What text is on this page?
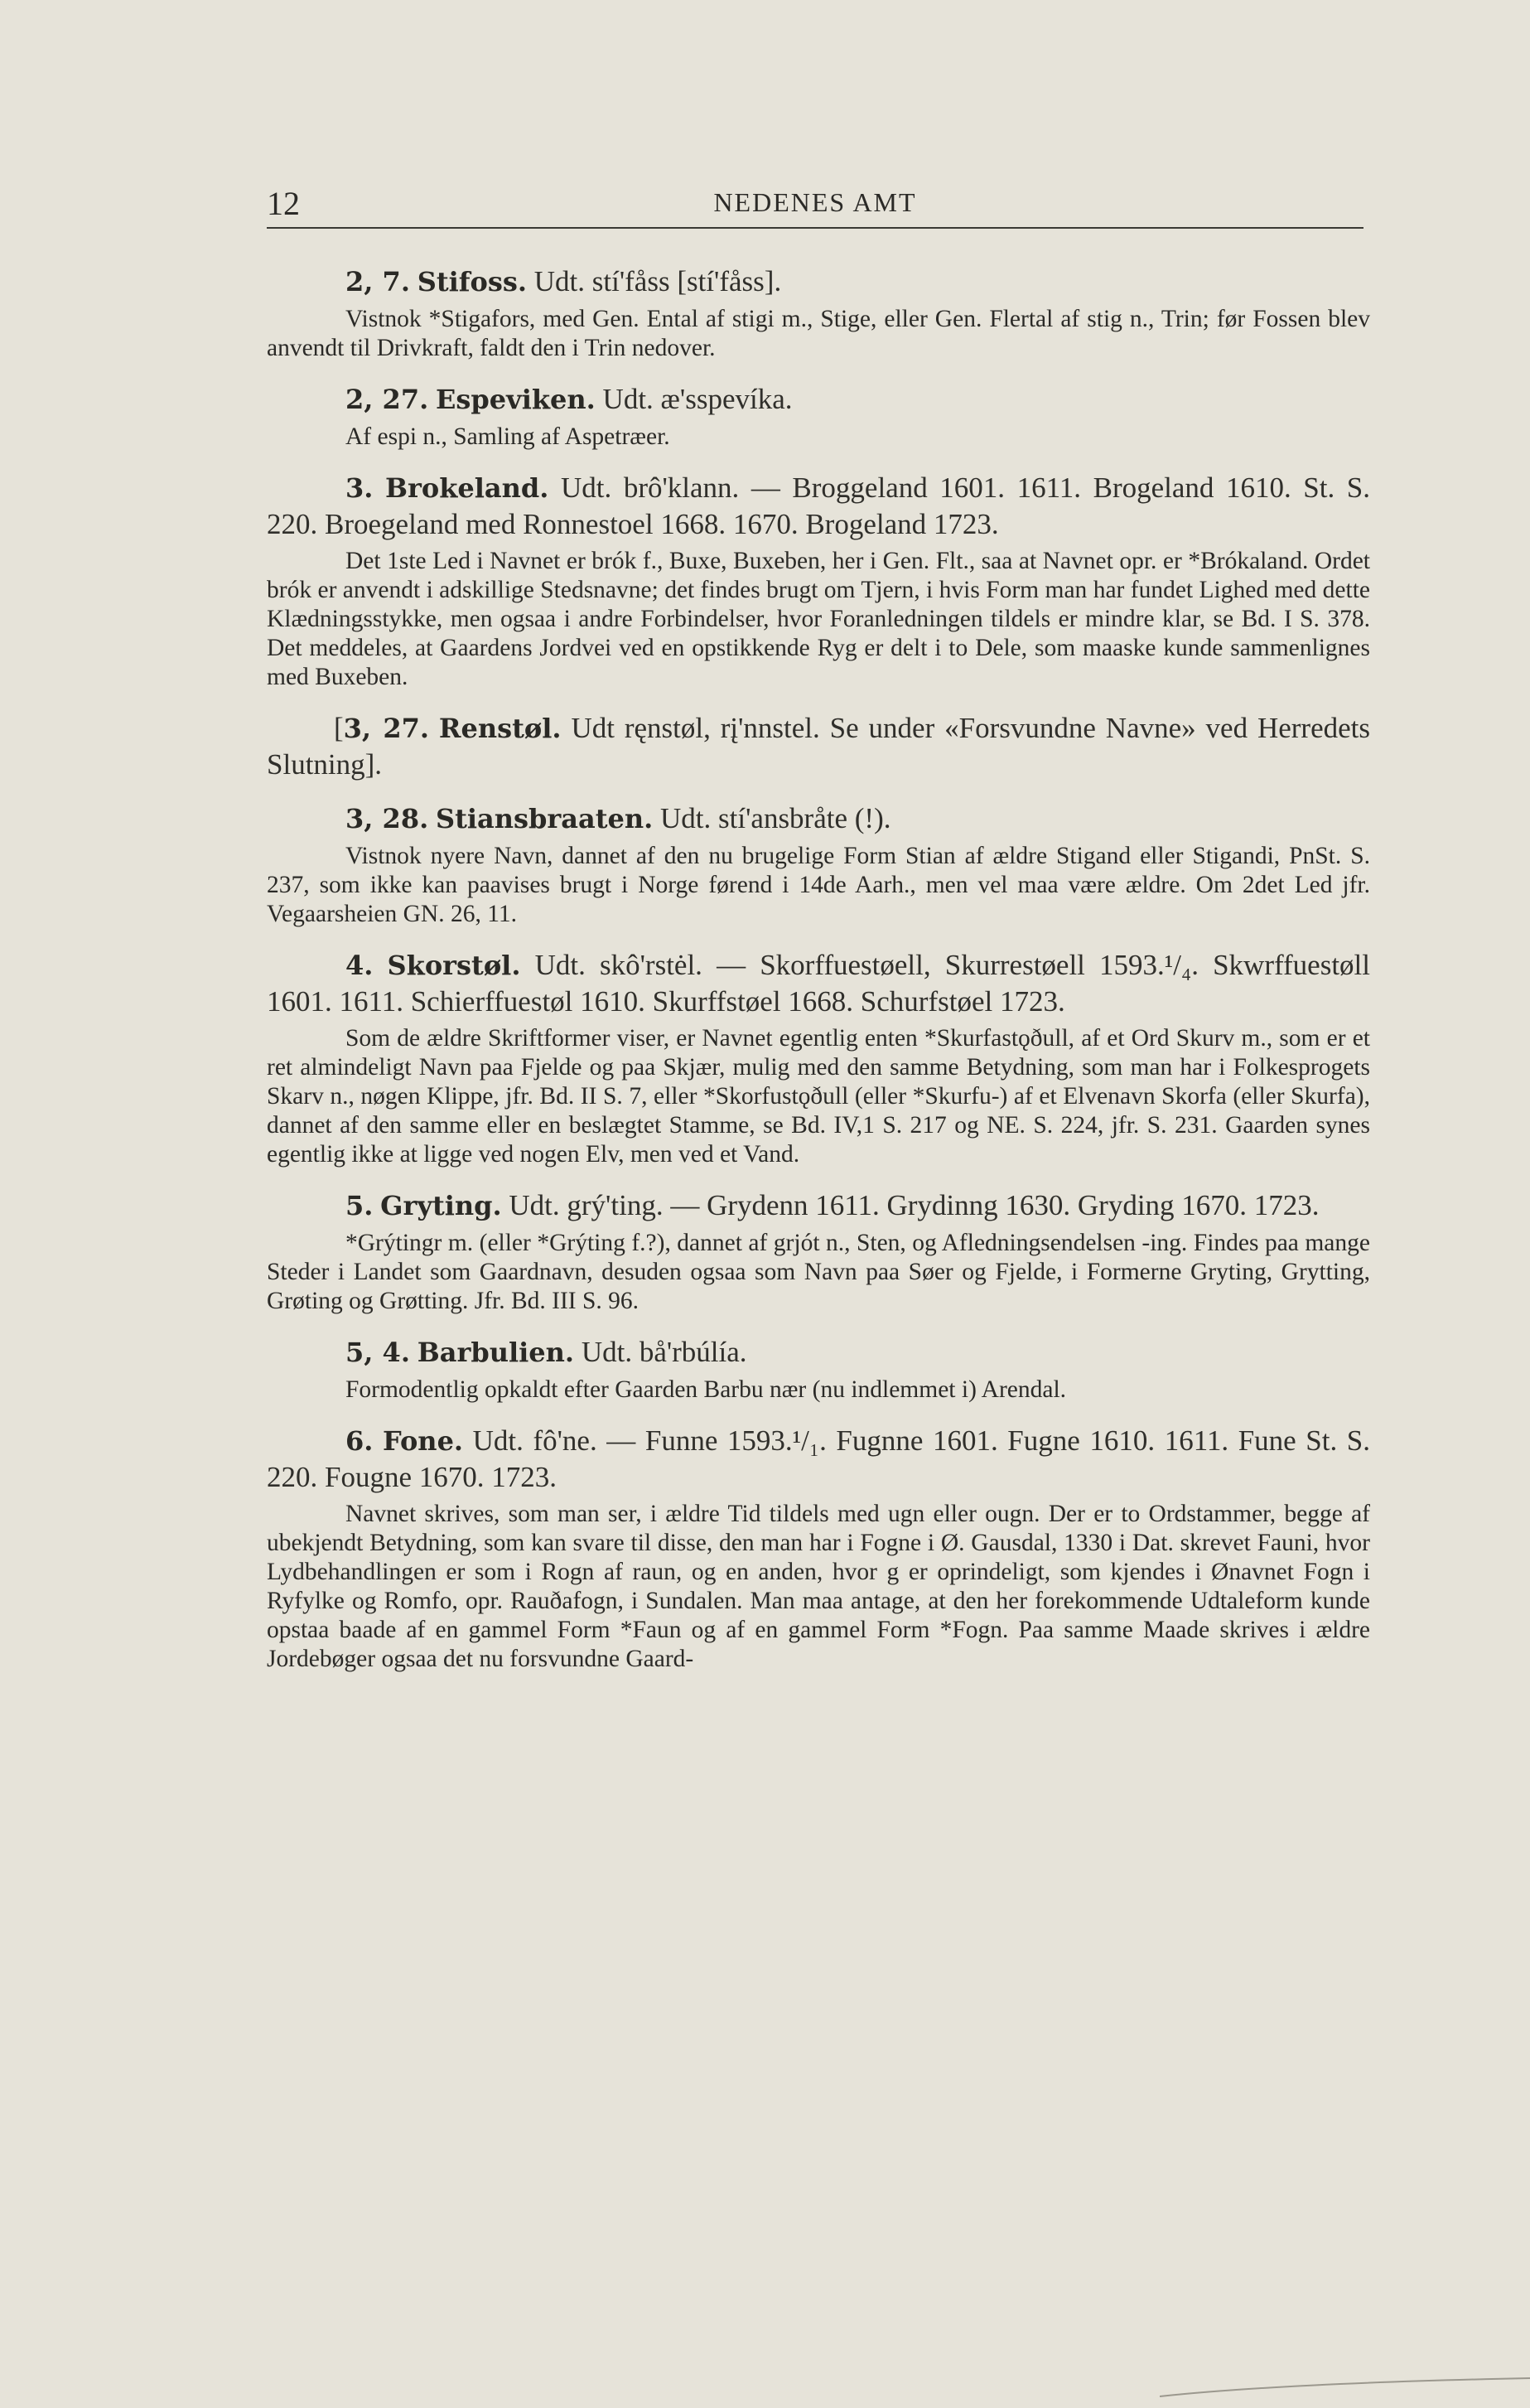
12	NEDENES AMT

2, 7. Stifoss. Udt. stí'fåss [stí'fåss].

Vistnok *Stigafors, med Gen. Ental af stigi m., Stige, eller Gen. Flertal af stig n., Trin; før Fossen blev anvendt til Drivkraft, faldt den i Trin nedover.

2, 27. Espeviken. Udt. æ'sspevíka.

Af espi n., Samling af Aspetræer.

3. Brokeland. Udt. brô'klann. — Broggeland 1601. 1611. Brogeland 1610. St. S. 220. Broegeland med Ronnestoel 1668. 1670. Brogeland 1723.

Det 1ste Led i Navnet er brók f., Buxe, Buxeben, her i Gen. Flt., saa at Navnet opr. er *Brókaland. Ordet brók er anvendt i adskillige Stedsnavne; det findes brugt om Tjern, i hvis Form man har fundet Lighed med dette Klædningsstykke, men ogsaa i andre Forbindelser, hvor Foranledningen tildels er mindre klar, se Bd. I S. 378. Det meddeles, at Gaardens Jordvei ved en opstikkende Ryg er delt i to Dele, som maaske kunde sammenlignes med Buxeben.

[3, 27. Renstøl. Udt ręnstøl, rį'nnstel. Se under «Forsvundne Navne» ved Herredets Slutning].

3, 28. Stiansbraaten. Udt. stí'ansbråte (!).

Vistnok nyere Navn, dannet af den nu brugelige Form Stian af ældre Stigand eller Stigandi, PnSt. S. 237, som ikke kan paavises brugt i Norge førend i 14de Aarh., men vel maa være ældre. Om 2det Led jfr. Vegaarsheien GN. 26, 11.

4. Skorstøl. Udt. skô'rstėl. — Skorffuestøell, Skurrestøell 1593.¹/₄. Skwrffuestøll 1601. 1611. Schierffuestøl 1610. Skurffstøel 1668. Schurfstøel 1723.

Som de ældre Skriftformer viser, er Navnet egentlig enten *Skurfastǫðull, af et Ord Skurv m., som er et ret almindeligt Navn paa Fjelde og paa Skjær, mulig med den samme Betydning, som man har i Folkesprogets Skarv n., nøgen Klippe, jfr. Bd. II S. 7, eller *Skorfustǫðull (eller *Skurfu-) af et Elvenavn Skorfa (eller Skurfa), dannet af den samme eller en beslægtet Stamme, se Bd. IV,1 S. 217 og NE. S. 224, jfr. S. 231. Gaarden synes egentlig ikke at ligge ved nogen Elv, men ved et Vand.

5. Gryting. Udt. grý'ting. — Grydenn 1611. Grydinng 1630. Gryding 1670. 1723.

*Grýtingr m. (eller *Grýting f.?), dannet af grjót n., Sten, og Afledningsendelsen -ing. Findes paa mange Steder i Landet som Gaardnavn, desuden ogsaa som Navn paa Søer og Fjelde, i Formerne Gryting, Grytting, Grøting og Grøtting. Jfr. Bd. III S. 96.

5, 4. Barbulien. Udt. bå'rbúlía.

Formodentlig opkaldt efter Gaarden Barbu nær (nu indlemmet i) Arendal.

6. Fone. Udt. fô'ne. — Funne 1593.¹/₁. Fugnne 1601. Fugne 1610. 1611. Fune St. S. 220. Fougne 1670. 1723.

Navnet skrives, som man ser, i ældre Tid tildels med ugn eller ougn. Der er to Ordstammer, begge af ubekjendt Betydning, som kan svare til disse, den man har i Fogne i Ø. Gausdal, 1330 i Dat. skrevet Fauni, hvor Lydbehandlingen er som i Rogn af raun, og en anden, hvor g er oprindeligt, som kjendes i Ønavnet Fogn i Ryfylke og Romfo, opr. Rauðafogn, i Sundalen. Man maa antage, at den her forekommende Udtaleform kunde opstaa baade af en gammel Form *Faun og af en gammel Form *Fogn. Paa samme Maade skrives i ældre Jordebøger ogsaa det nu forsvundne Gaard-
